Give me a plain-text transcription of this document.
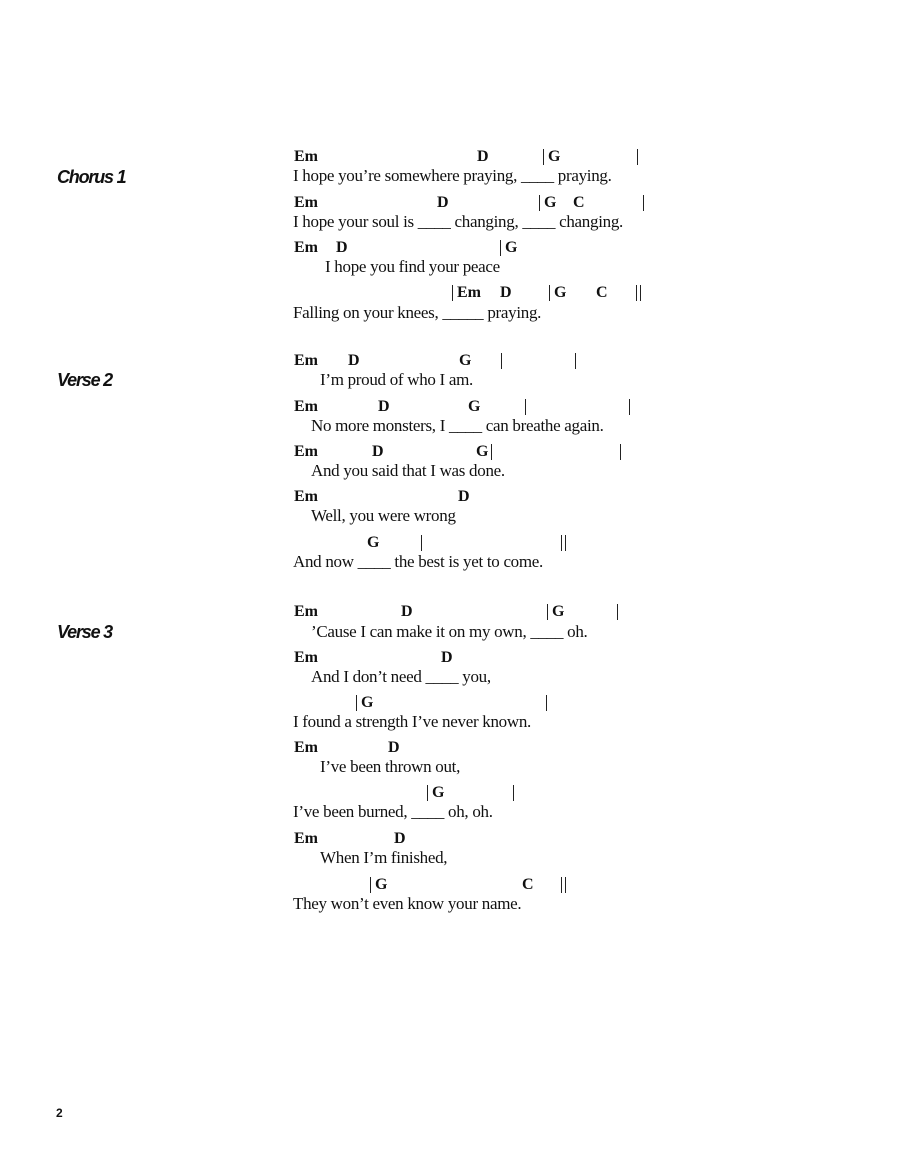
Chorus 1
Verse 2
Verse 3
Em	D	G
I hope you’re somewhere praying, ____ praying.
Em	D	G C
I hope your soul is ____ changing, ____ changing.
Em D	G
I hope you find your peace
Em D	G C
Falling on your knees, _____ praying.
Em D	G
I’m proud of who I am.
Em	D	G
No more monsters, I ____ can breathe again.
Em	D	G
And you said that I was done.
Em	D
Well, you were wrong
G
And now ____ the best is yet to come.
Em	D	G
’Cause I can make it on my own, ____ oh.
Em	D
And I don’t need ____ you,
G
I found a strength I’ve never known.
Em	D
I’ve been thrown out,
G
I’ve been burned, ____ oh, oh.
Em	D
When I’m finished,
G	C
They won’t even know your name.
2
